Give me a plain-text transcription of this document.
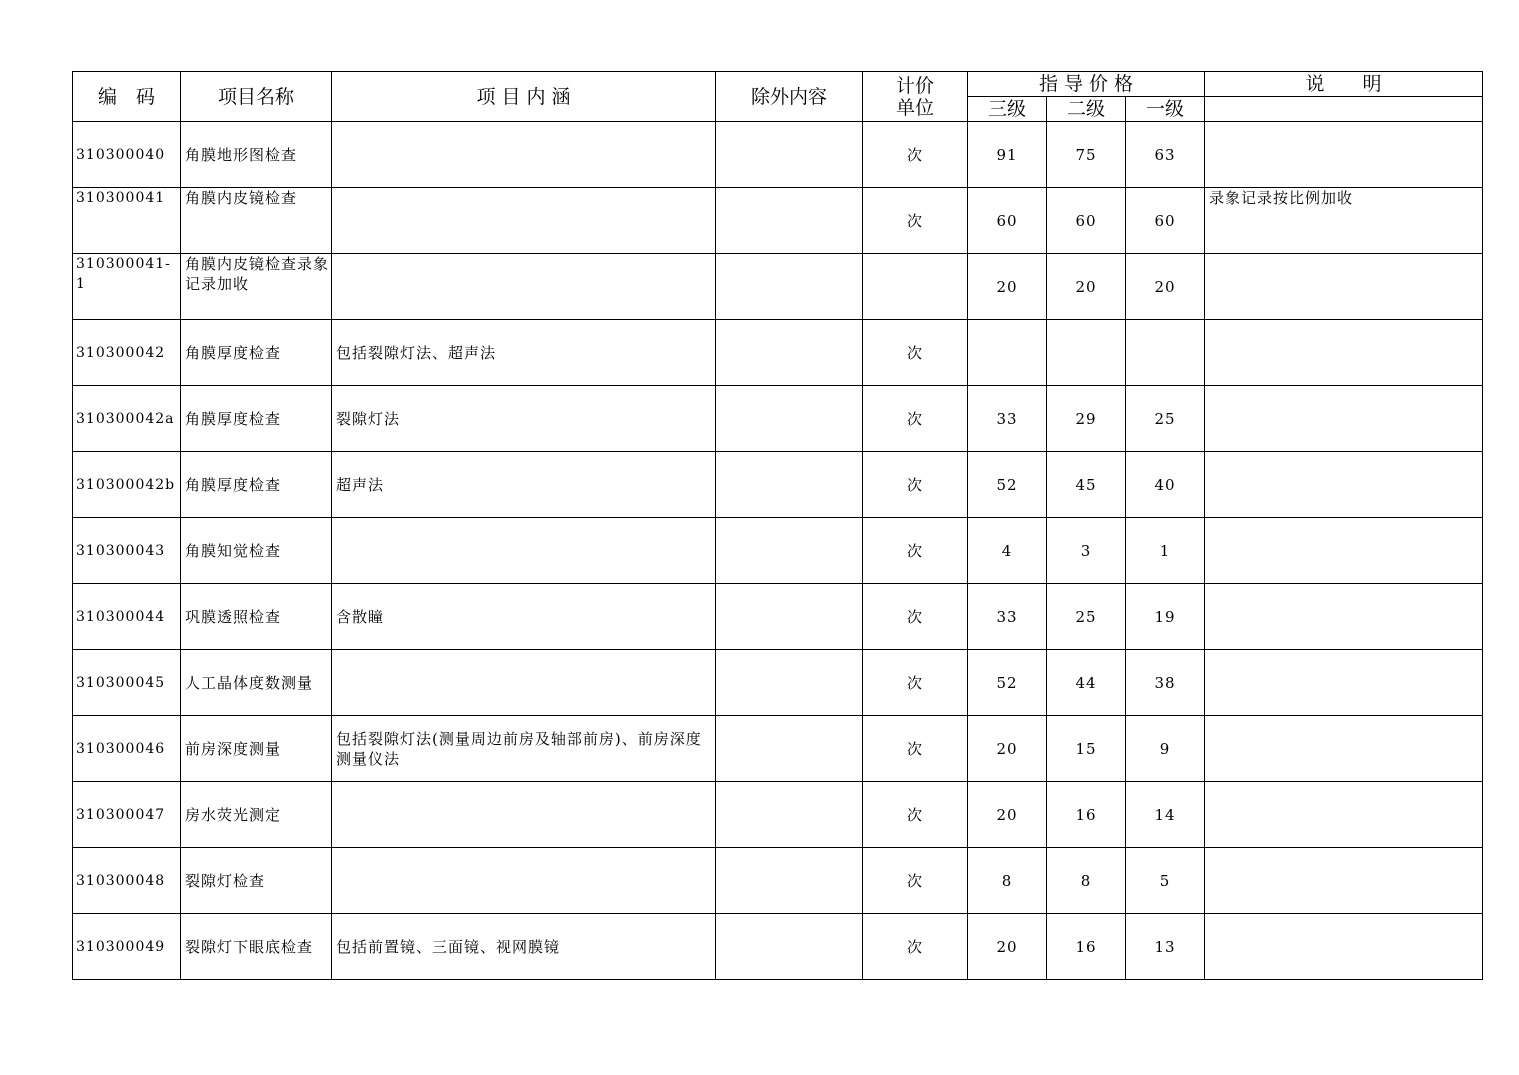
编　码	项目名称	项 目 内 涵	除外内容	计价单位	指 导 价 格			说　　明
					三级	二级	一级	
310300040	角膜地形图检查			次	91	75	63	
310300041	角膜内皮镜检查			次	60	60	60	录象记录按比例加收
310300041-1	角膜内皮镜检查录象记录加收				20	20	20	
310300042	角膜厚度检查	包括裂隙灯法、超声法		次				
310300042a	角膜厚度检查	裂隙灯法		次	33	29	25	
310300042b	角膜厚度检查	超声法		次	52	45	40	
310300043	角膜知觉检查			次	4	3	1	
310300044	巩膜透照检查	含散瞳		次	33	25	19	
310300045	人工晶体度数测量			次	52	44	38	
310300046	前房深度测量	包括裂隙灯法(测量周边前房及轴部前房)、前房深度测量仪法		次	20	15	9	
310300047	房水荧光测定			次	20	16	14	
310300048	裂隙灯检查			次	8	8	5	
310300049	裂隙灯下眼底检查	包括前置镜、三面镜、视网膜镜		次	20	16	13	
